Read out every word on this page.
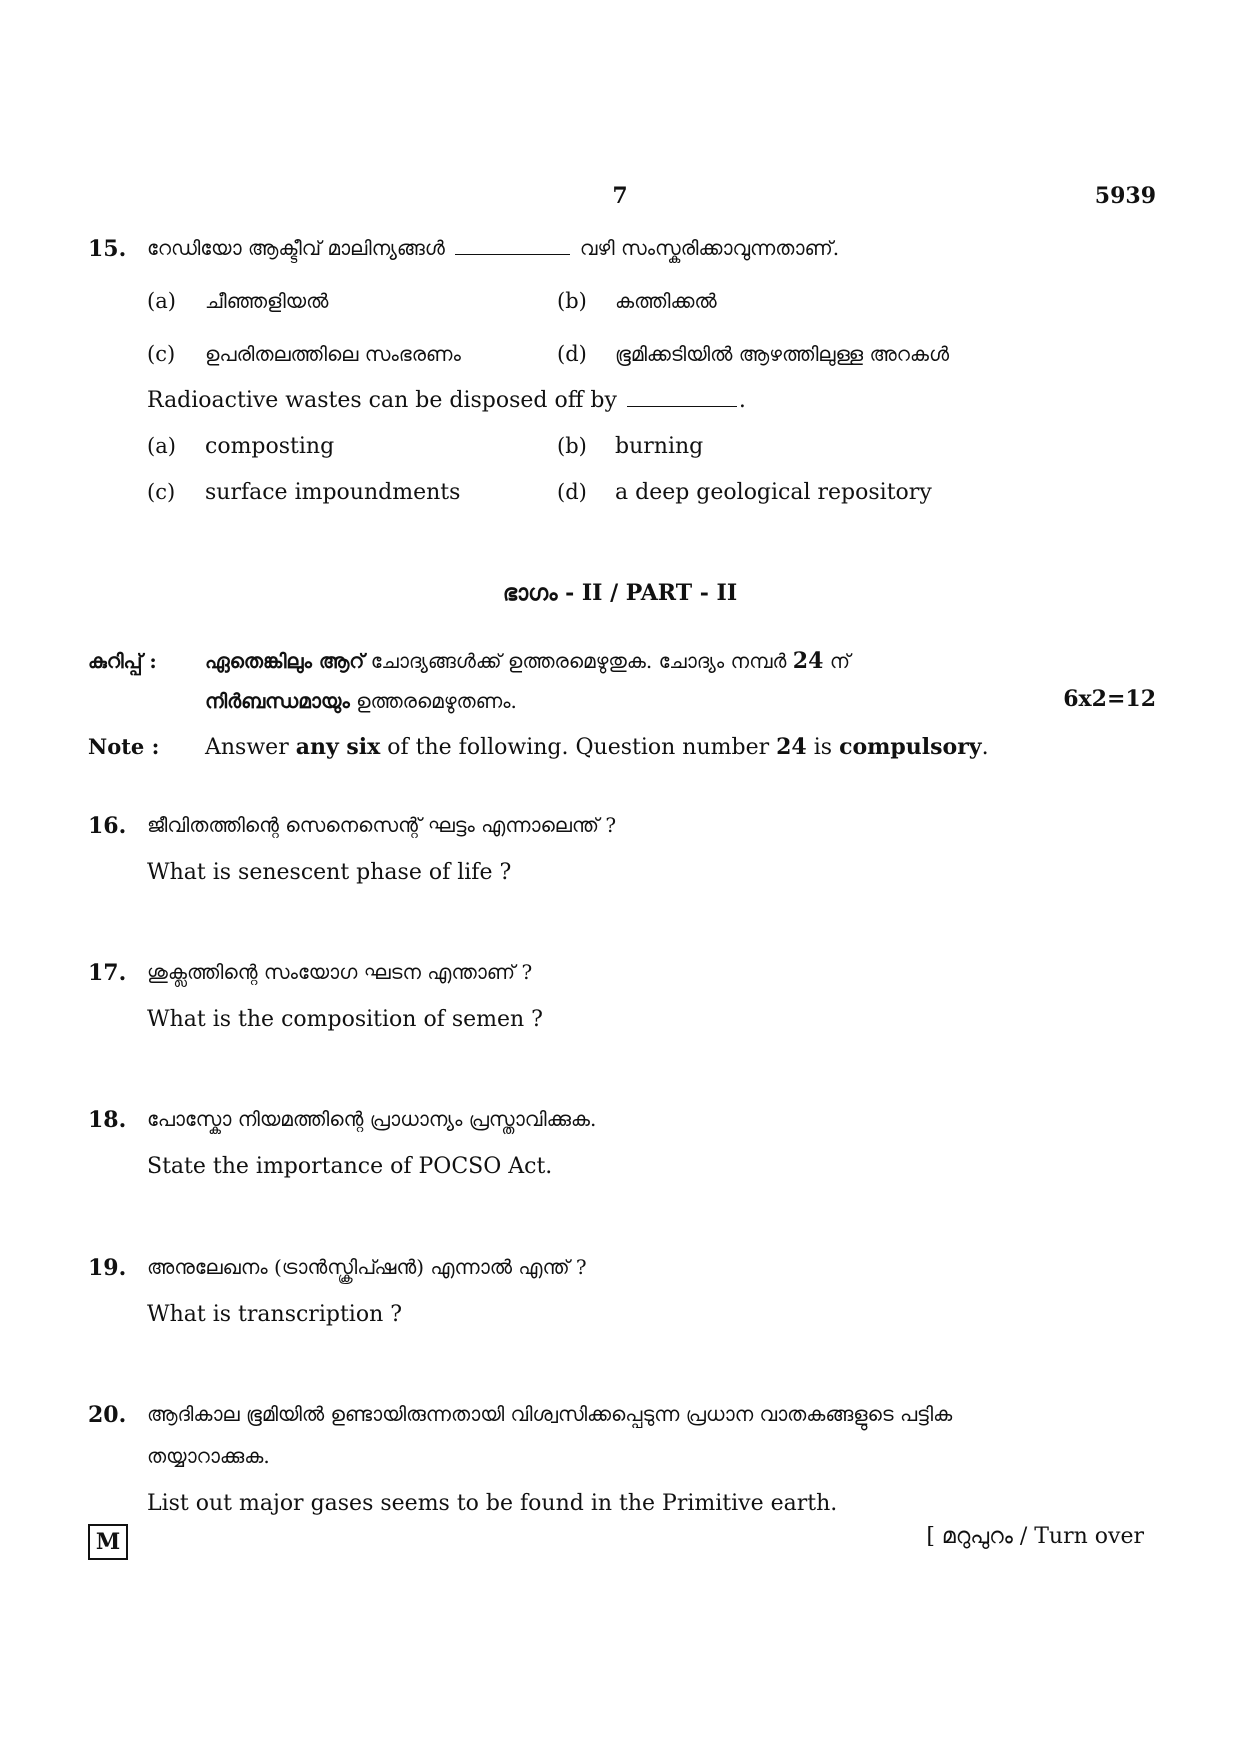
7	5939
15. റേഡിയോ ആക്ടീവ് മാലിന്യങ്ങൾ	വഴി സംസ്കരിക്കാവുന്നതാണ്.
(a) ചീഞ്ഞളിയൽ	(b) കത്തിക്കൽ
(c) ഉപരിതലത്തിലെ സംഭരണം	(d) ഭൂമിക്കടിയിൽ ആഴത്തിലുള്ള അറകൾ
Radioactive wastes can be disposed off by	.
(a) composting	(b) burning
(c) surface impoundments	(d) a deep geological repository
ഭാഗം - II / PART - II
കുറിപ്പ് : ഏതെങ്കിലും ആറ് ചോദ്യങ്ങൾക്ക് ഉത്തരമെഴുതുക. ചോദ്യം നമ്പർ 24 ന്
നിർബന്ധമായും ഉത്തരമെഴുതണം.	6x2=12
Note : Answer any six of the following. Question number 24 is compulsory.
16. ജീവിതത്തിന്റെ സെനെസെന്റ് ഘട്ടം എന്നാലെന്ത് ?
What is senescent phase of life ?
17. ശുക്ലത്തിന്റെ സംയോഗ ഘടന എന്താണ് ?
What is the composition of semen ?
18. പോസ്കോ നിയമത്തിന്റെ പ്രാധാന്യം പ്രസ്താവിക്കുക.
State the importance of POCSO Act.
19. അനുലേഖനം (ട്രാൻസ്ക്രിപ്ഷൻ) എന്നാൽ എന്ത് ?
What is transcription ?
20. ആദികാല ഭൂമിയിൽ ഉണ്ടായിരുന്നതായി വിശ്വസിക്കപ്പെടുന്ന പ്രധാന വാതകങ്ങളുടെ പട്ടിക
തയ്യാറാക്കുക.
List out major gases seems to be found in the Primitive earth.
M	[ മറുപുറം / Turn over
